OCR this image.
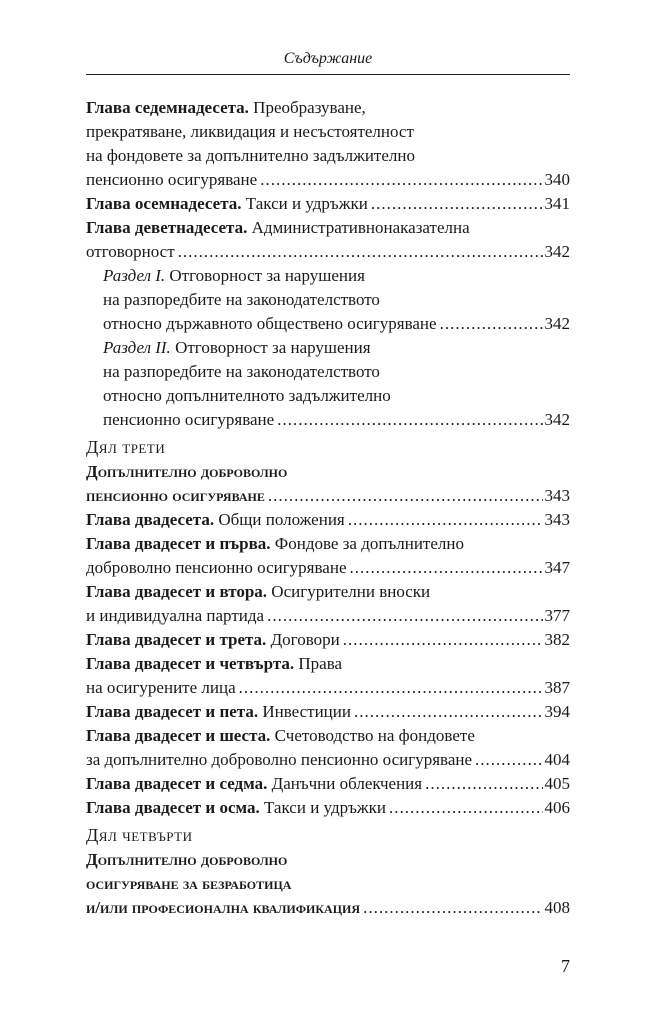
Съдържание
Глава седемнадесета. Преобразуване,
прекратяване, ликвидация и несъстоятелност
на фондовете за допълнително задължително
пенсионно осигуряване .....	340
Глава осемнадесета. Такси и удръжки .....	341
Глава деветнадесета. Административнонаказателна
отговорност .....	342
Раздел I. Отговорност за нарушения
на разпоредбите на законодателството
относно държавното обществено осигуряване .....	342
Раздел II. Отговорност за нарушения
на разпоредбите на законодателството
относно допълнителното задължително
пенсионно осигуряване .....	342
Дял трети
Допълнително доброволно
пенсионно осигуряване .....	343
Глава двадесета. Общи положения .....	343
Глава двадесет и първа. Фондове за допълнително
доброволно пенсионно осигуряване .....	347
Глава двадесет и втора. Осигурителни вноски
и индивидуална партида .....	377
Глава двадесет и трета. Договори .....	382
Глава двадесет и четвърта. Права
на осигурените лица .....	387
Глава двадесет и пета. Инвестиции .....	394
Глава двадесет и шеста. Счетоводство на фондовете
за допълнително доброволно пенсионно осигуряване .....	404
Глава двадесет и седма. Данъчни облекчения .....	405
Глава двадесет и осма. Такси и удръжки .....	406
Дял четвърти
Допълнително доброволно
осигуряване за безработица
и/или професионална квалификация .....	408
7
